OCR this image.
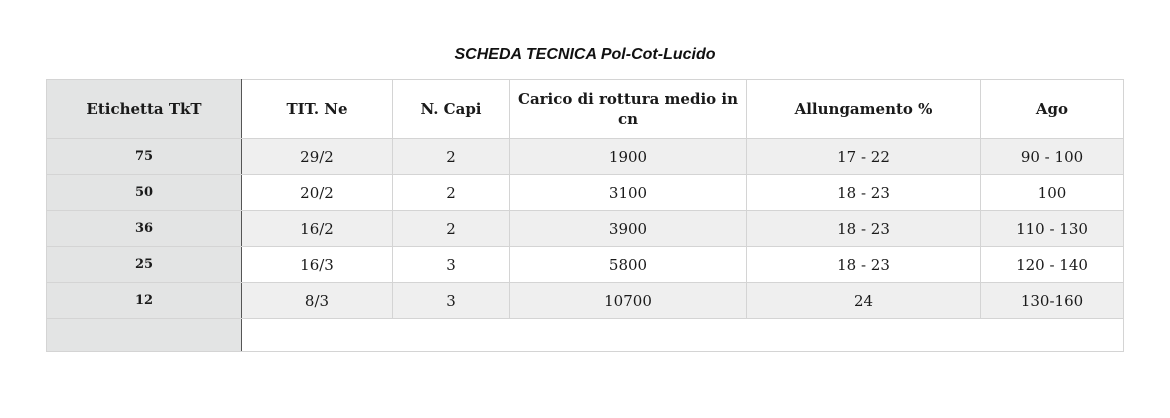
SCHEDA TECNICA Pol-Cot-Lucido
Etichetta TkT	TIT. Ne	N. Capi	Carico di rottura medio in cn	Allungamento %	Ago
75	29/2	2	1900	17 - 22	90 - 100
50	20/2	2	3100	18 - 23	100
36	16/2	2	3900	18 - 23	110 - 130
25	16/3	3	5800	18 - 23	120 - 140
12	8/3	3	10700	24	130-160
